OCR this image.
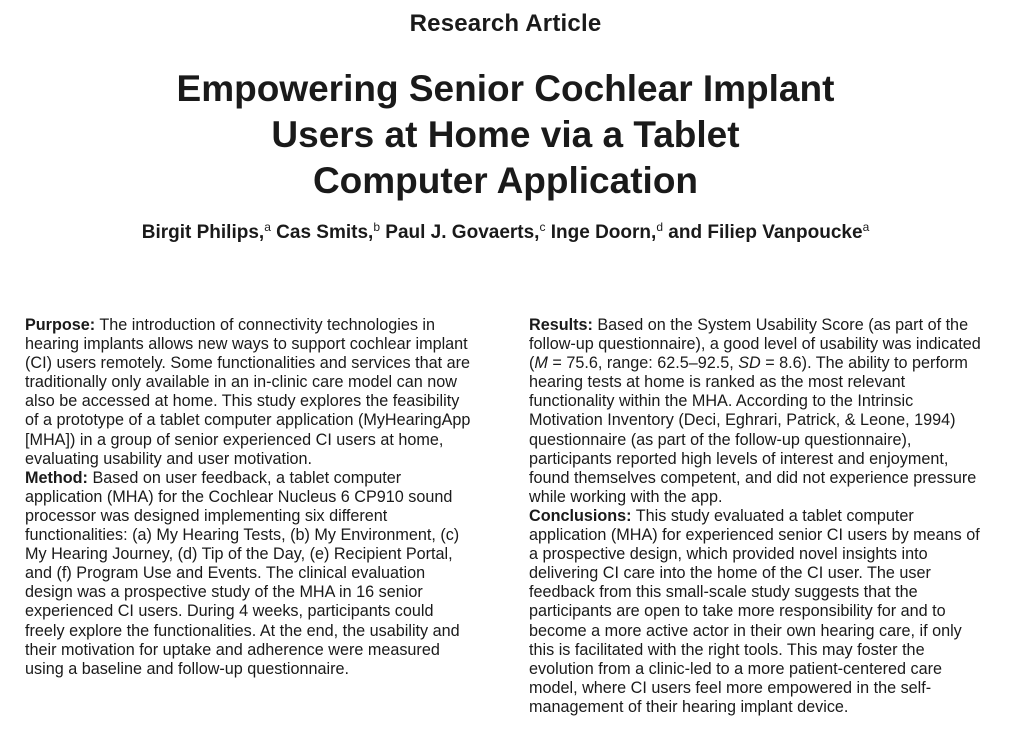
Research Article
Empowering Senior Cochlear Implant
Users at Home via a Tablet
Computer Application
Birgit Philips,$^a$ Cas Smits,$^b$ Paul J. Govaerts,$^c$ Inge Doorn,$^d$ and Filiep Vanpoucke$^a$

Purpose: The introduction of connectivity technologies in hearing implants allows new ways to support cochlear implant (CI) users remotely. Some functionalities and services that are traditionally only available in an in-clinic care model can now also be accessed at home. This study explores the feasibility of a prototype of a tablet computer application (MyHearingApp [MHA]) in a group of senior experienced CI users at home, evaluating usability and user motivation.

Method: Based on user feedback, a tablet computer application (MHA) for the Cochlear Nucleus 6 CP910 sound processor was designed implementing six different functionalities: (a) My Hearing Tests, (b) My Environment, (c) My Hearing Journey, (d) Tip of the Day, (e) Recipient Portal, and (f) Program Use and Events. The clinical evaluation design was a prospective study of the MHA in 16 senior experienced CI users. During 4 weeks, participants could freely explore the functionalities. At the end, the usability and their motivation for uptake and adherence were measured using a baseline and follow-up questionnaire.

Results: Based on the System Usability Score (as part of the follow-up questionnaire), a good level of usability was indicated (M = 75.6, range: 62.5–92.5, SD = 8.6). The ability to perform hearing tests at home is ranked as the most relevant functionality within the MHA. According to the Intrinsic Motivation Inventory (Deci, Eghrari, Patrick, & Leone, 1994) questionnaire (as part of the follow-up questionnaire), participants reported high levels of interest and enjoyment, found themselves competent, and did not experience pressure while working with the app.

Conclusions: This study evaluated a tablet computer application (MHA) for experienced senior CI users by means of a prospective design, which provided novel insights into delivering CI care into the home of the CI user. The user feedback from this small-scale study suggests that the participants are open to take more responsibility for and to become a more active actor in their own hearing care, if only this is facilitated with the right tools. This may foster the evolution from a clinic-led to a more patient-centered care model, where CI users feel more empowered in the self-management of their hearing implant device.
